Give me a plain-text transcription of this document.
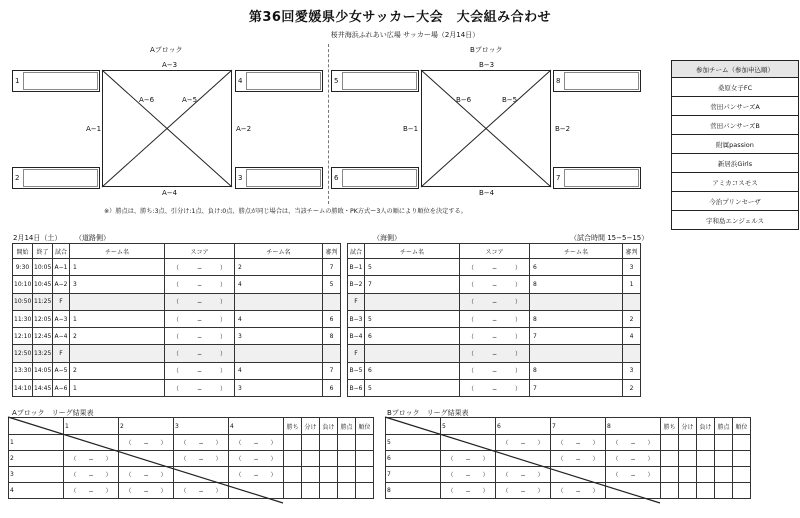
第36回愛媛県少女サッカー大会　大会組み合わせ
桜井海浜ふれあい広場 サッカー場（2月14日）
Aブロック
A−3
A−4
A−1	A−2
A−6	A−5
1
2	3
4
Bブロック
B−3
B−4
B−1	B−2
B−6	B−5
5
6	7
8
※）勝点は、勝ち:3点、引分け:1点、負け:0点、勝点が同じ場合は、当該チームの勝敗・PK方式ー3人の順により順位を決定する。
参加チーム（参加申込順）
桑原女子FC
菅田パンサーズA
菅田パンサーズB
附属passion
新居浜Girls
アミカコスモス
今治プリンセーザ
宇和島エンジェルス
2月14日（土） （道路側）	（海側）	（試合時間 15−5−15）
開始	終了	試合	チーム名	スコア	チーム名	審判
9:30	10:05	A−1	1	（　　　−　　　）	2	7
10:10	10:45	A−2	3	（　　　−　　　）	4	5
10:50	11:25	F		（　　　−　　　）		
11:30	12:05	A−3	1	（　　　−　　　）	4	6
12:10	12:45	A−4	2	（　　　−　　　）	3	8
12:50	13:25	F		（　　　−　　　）		
13:30	14:05	A−5	2	（　　　−　　　）	4	7
14:10	14:45	A−6	1	（　　　−　　　）	3	6
試合	チーム名	スコア	チーム名	審判
B−1	5	（　　　−　　　）	6	3
B−2	7	（　　　−　　　）	8	1
F		（　　　−　　　）		
B−3	5	（　　　−　　　）	8	2
B−4	6	（　　　−　　　）	7	4
F		（　　　−　　　）		
B−5	6	（　　　−　　　）	8	3
B−6	5	（　　　−　　　）	7	2
Aブロック　リーグ結果表	Bブロック　リーグ結果表
	1	2	3	4	勝ち	分け	負け	勝点	順位
1		（　　−　　）	（　　−　　）	（　　−　　）					
2	（　　−　　）		（　　−　　）	（　　−　　）					
3	（　　−　　）	（　　−　　）		（　　−　　）					
4	（　　−　　）	（　　−　　）	（　　−　　）						
	5	6	7	8	勝ち	分け	負け	勝点	順位
5		（　　−　　）	（　　−　　）	（　　−　　）					
6	（　　−　　）		（　　−　　）	（　　−　　）					
7	（　　−　　）	（　　−　　）		（　　−　　）					
8	（　　−　　）	（　　−　　）	（　　−　　）						
